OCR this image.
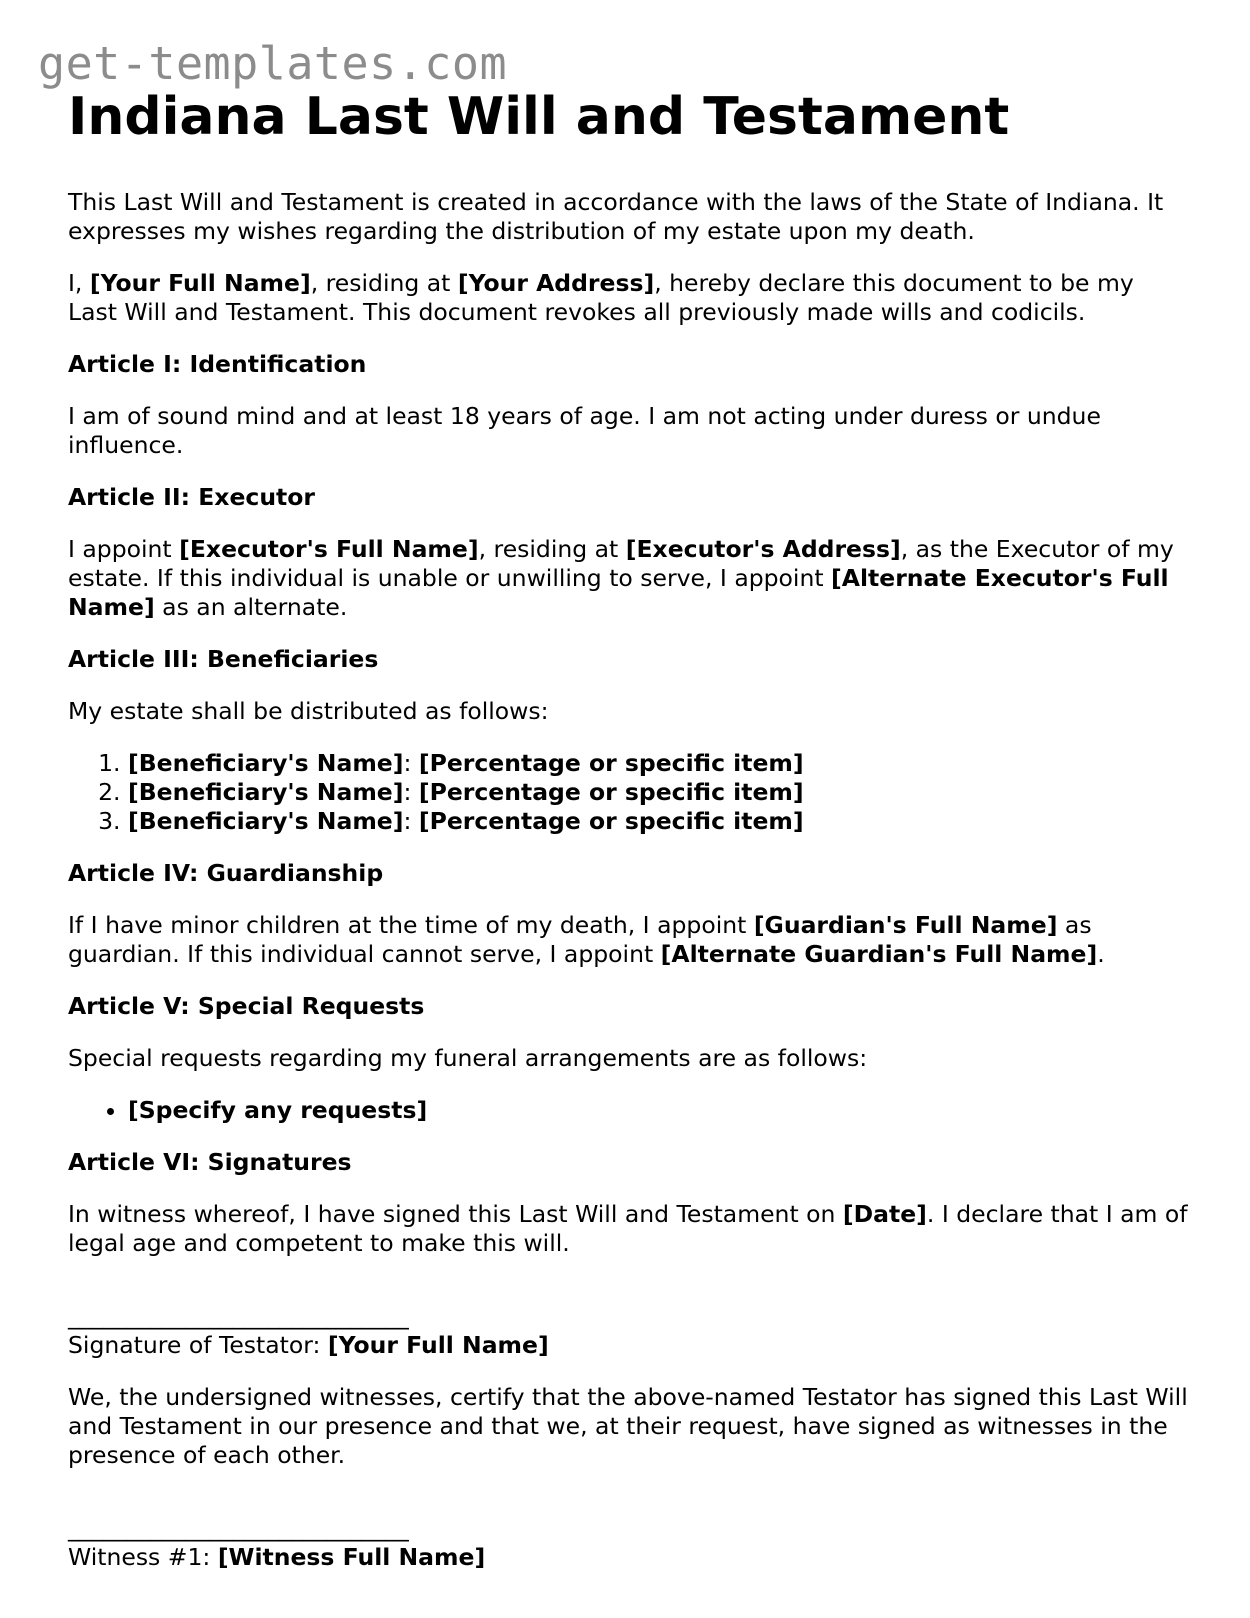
get-templates.com
Indiana Last Will and Testament

This Last Will and Testament is created in accordance with the laws of the State of Indiana. It expresses my wishes regarding the distribution of my estate upon my death.

I, [Your Full Name], residing at [Your Address], hereby declare this document to be my Last Will and Testament. This document revokes all previously made wills and codicils.

Article I: Identification

I am of sound mind and at least 18 years of age. I am not acting under duress or undue influence.

Article II: Executor

I appoint [Executor's Full Name], residing at [Executor's Address], as the Executor of my estate. If this individual is unable or unwilling to serve, I appoint [Alternate Executor's Full Name] as an alternate.

Article III: Beneficiaries

My estate shall be distributed as follows:

1. [Beneficiary's Name]: [Percentage or specific item]
2. [Beneficiary's Name]: [Percentage or specific item]
3. [Beneficiary's Name]: [Percentage or specific item]

Article IV: Guardianship

If I have minor children at the time of my death, I appoint [Guardian's Full Name] as guardian. If this individual cannot serve, I appoint [Alternate Guardian's Full Name].

Article V: Special Requests

Special requests regarding my funeral arrangements are as follows:

• [Specify any requests]

Article VI: Signatures

In witness whereof, I have signed this Last Will and Testament on [Date]. I declare that I am of legal age and competent to make this will.

_____________________________

Signature of Testator: [Your Full Name]

We, the undersigned witnesses, certify that the above-named Testator has signed this Last Will and Testament in our presence and that we, at their request, have signed as witnesses in the presence of each other.

_____________________________

Witness #1: [Witness Full Name]
